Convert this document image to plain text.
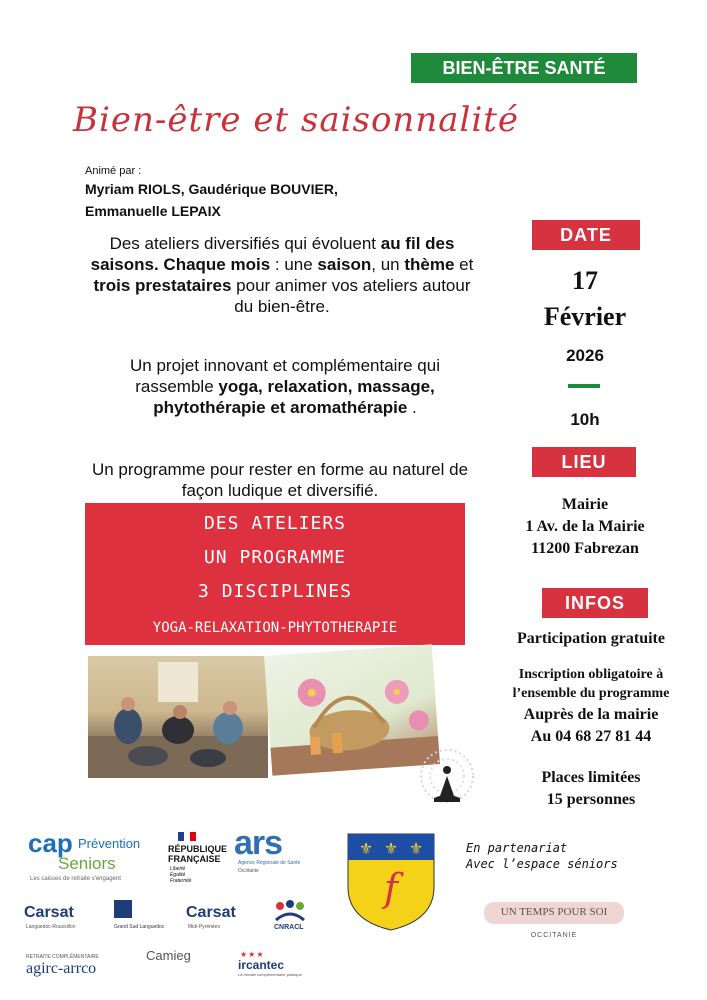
BIEN-ÊTRE SANTÉ
Bien-être et saisonnalité
Animé par :
Myriam RIOLS, Gaudérique BOUVIER,
Emmanuelle LEPAIX
Des ateliers diversifiés qui évoluent au fil des saisons. Chaque mois : une saison, un thème et trois prestataires pour animer vos ateliers autour du bien-être.
Un projet innovant et complémentaire qui rassemble yoga, relaxation, massage, phytothérapie et aromathérapie .
Un programme pour rester en forme au naturel de façon ludique et diversifié.
DES ATELIERS
UN PROGRAMME
3 DISCIPLINES
YOGA-RELAXATION-PHYTOTHERAPIE
DATE
17
Février
2026
10h
LIEU
Mairie
1 Av. de la Mairie
11200 Fabrezan
INFOS
Participation gratuite
Inscription obligatoire à
l’ensemble du programme
Auprès de la mairie
Au 04 68 27 81 44
Places limitées
15 personnes
cap Prévention
Seniors
Les caisses de retraite s'engagent
RÉPUBLIQUE
FRANÇAISE
Liberté
Égalité
Fraternité
ars
Agence Régionale de Santé
Occitanie
⚜ ⚜ ⚜
f
En partenariat
Avec l’espace séniors
Carsat
Languedoc-Roussillon	Grand Sud Languedoc
Carsat
Midi-Pyrénées	CNRACL
UN TEMPS POUR SOI
OCCITANIE
RETRAITE COMPLÉMENTAIRE
agirc-arrco
Camieg	★★★
ircantec
La retraite complémentaire publique
